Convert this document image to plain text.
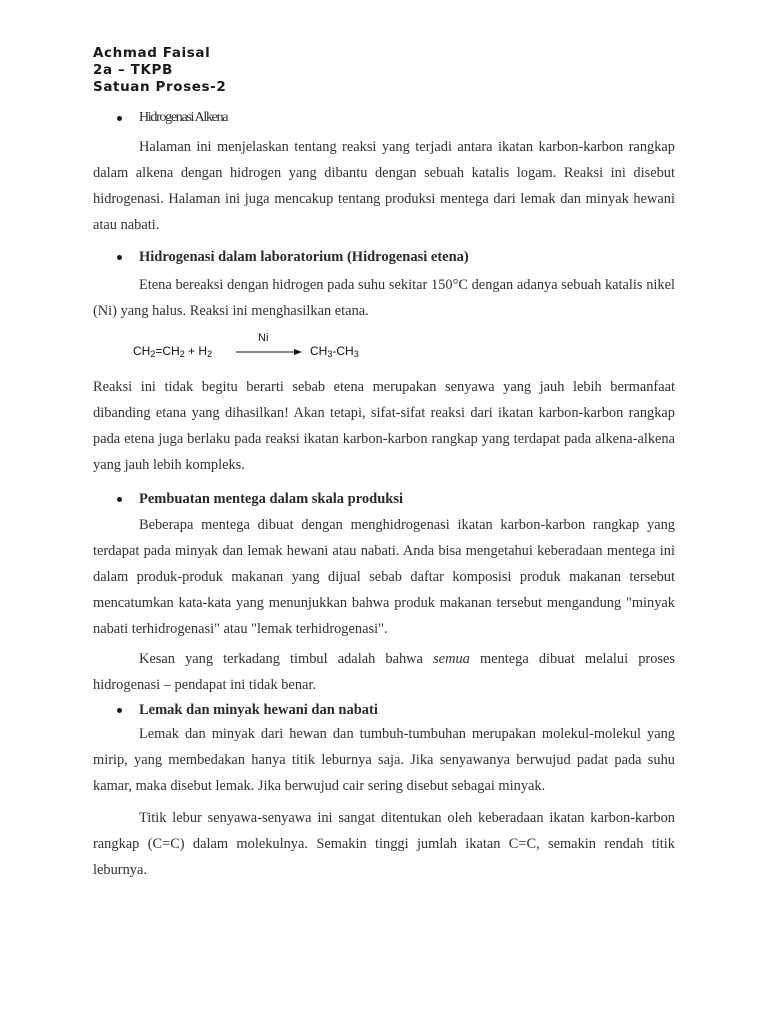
Achmad Faisal
2a – TKPB
Satuan Proses-2
Hidrogenasi Alkena

Halaman ini menjelaskan tentang reaksi yang terjadi antara ikatan karbon-karbon rangkap dalam alkena dengan hidrogen yang dibantu dengan sebuah katalis logam. Reaksi ini disebut hidrogenasi. Halaman ini juga mencakup tentang produksi mentega dari lemak dan minyak hewani atau nabati.

Hidrogenasi dalam laboratorium (Hidrogenasi etena)

Etena bereaksi dengan hidrogen pada suhu sekitar 150°C dengan adanya sebuah katalis nikel (Ni) yang halus. Reaksi ini menghasilkan etana.

$CH_2=CH_2 + H_2$
Ni
$CH_3-CH_3$

Reaksi ini tidak begitu berarti sebab etena merupakan senyawa yang jauh lebih bermanfaat dibanding etana yang dihasilkan! Akan tetapi, sifat-sifat reaksi dari ikatan karbon-karbon rangkap pada etena juga berlaku pada reaksi ikatan karbon-karbon rangkap yang terdapat pada alkena-alkena yang jauh lebih kompleks.

Pembuatan mentega dalam skala produksi

Beberapa mentega dibuat dengan menghidrogenasi ikatan karbon-karbon rangkap yang terdapat pada minyak dan lemak hewani atau nabati. Anda bisa mengetahui keberadaan mentega ini dalam produk-produk makanan yang dijual sebab daftar komposisi produk makanan tersebut mencatumkan kata-kata yang menunjukkan bahwa produk makanan tersebut mengandung "minyak nabati terhidrogenasi" atau "lemak terhidrogenasi".

Kesan yang terkadang timbul adalah bahwa semua mentega dibuat melalui proses hidrogenasi – pendapat ini tidak benar.

Lemak dan minyak hewani dan nabati

Lemak dan minyak dari hewan dan tumbuh-tumbuhan merupakan molekul-molekul yang mirip, yang membedakan hanya titik leburnya saja. Jika senyawanya berwujud padat pada suhu kamar, maka disebut lemak. Jika berwujud cair sering disebut sebagai minyak.

Titik lebur senyawa-senyawa ini sangat ditentukan oleh keberadaan ikatan karbon-karbon rangkap (C=C) dalam molekulnya. Semakin tinggi jumlah ikatan C=C, semakin rendah titik leburnya.
